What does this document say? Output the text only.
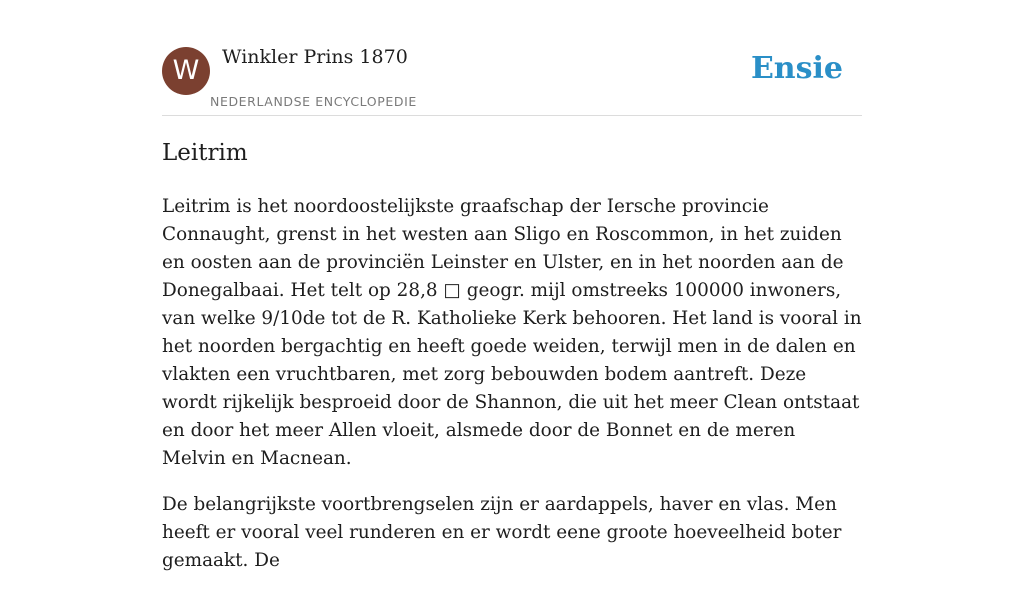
W	Winkler Prins 1870
NEDERLANDSE ENCYCLOPEDIE
Ensie
Leitrim

Leitrim is het noordoostelijkste graafschap der Iersche provincie Connaught, grenst in het westen aan Sligo en Roscommon, in het zuiden en oosten aan de provinciën Leinster en Ulster, en in het noorden aan de Donegalbaai. Het telt op 28,8 □ geogr. mijl omstreeks 100000 inwoners, van welke 9/10de tot de R. Katholieke Kerk behooren. Het land is vooral in het noorden bergachtig en heeft goede weiden, terwijl men in de dalen en vlakten een vruchtbaren, met zorg bebouwden bodem aantreft. Deze wordt rijkelijk besproeid door de Shannon, die uit het meer Clean ontstaat en door het meer Allen vloeit, alsmede door de Bonnet en de meren Melvin en Macnean.

De belangrijkste voortbrengselen zijn er aardappels, haver en vlas. Men heeft er vooral veel runderen en er wordt eene groote hoeveelheid boter gemaakt. De
